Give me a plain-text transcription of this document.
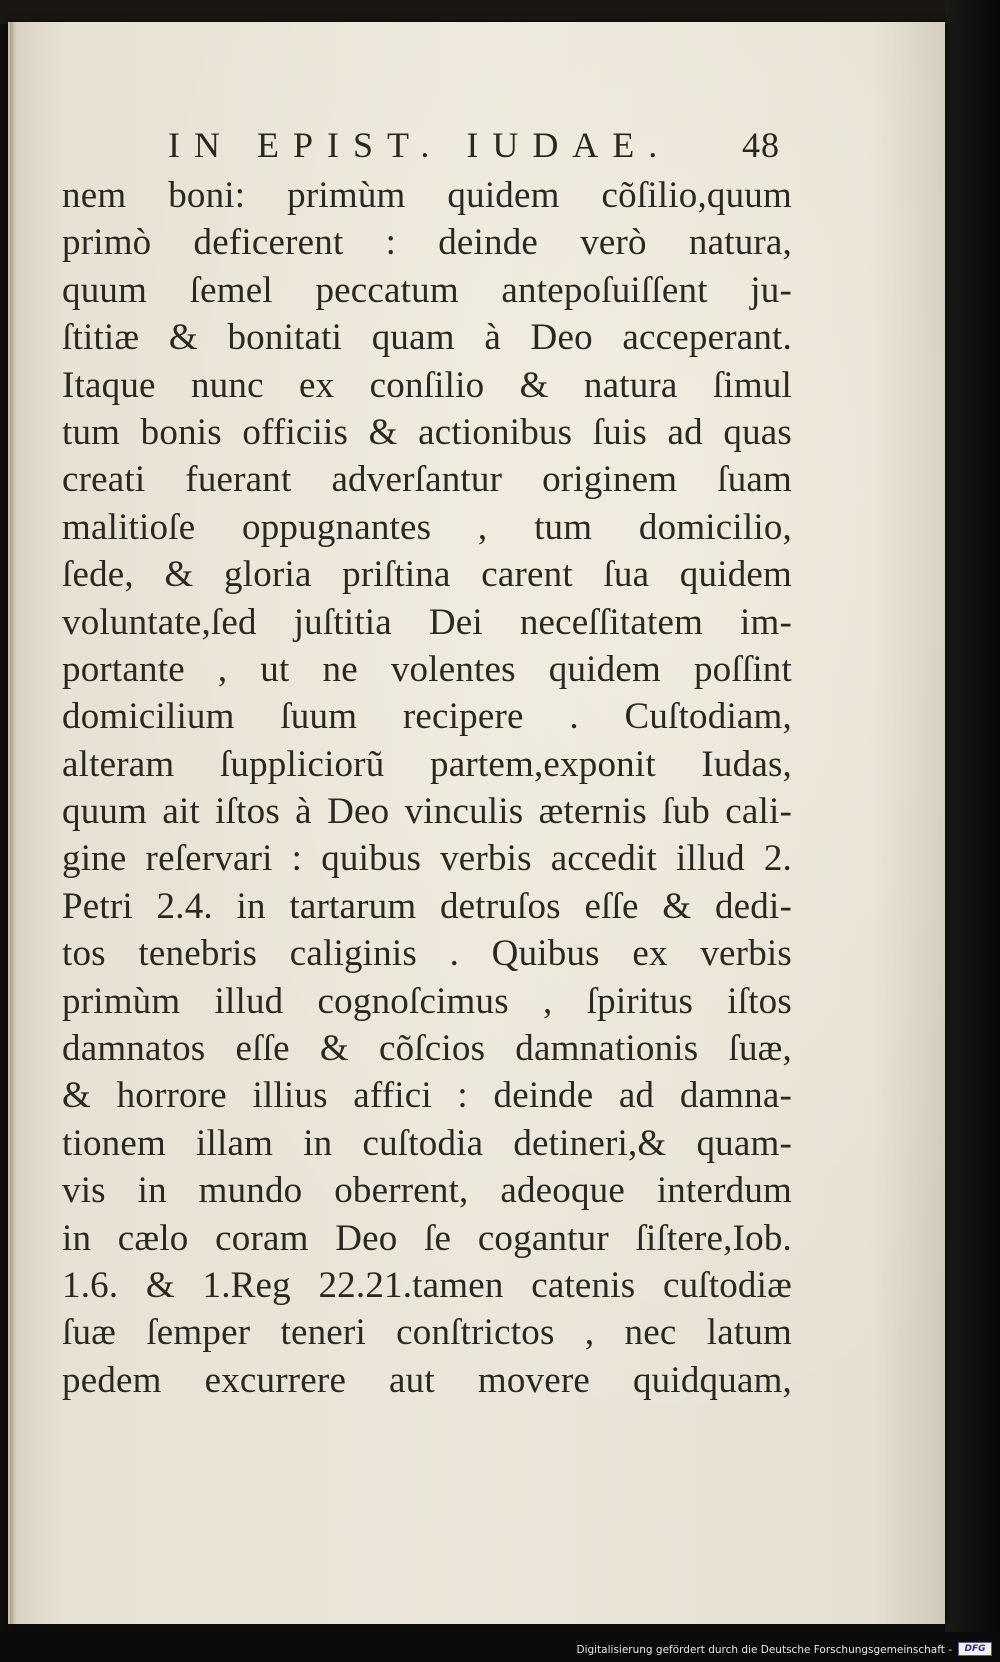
IN EPIST. IUDAE. 48
nem boni: primùm quidem cõſilio,quum
primò deficerent : deinde verò natura,
quum ſemel peccatum antepoſuiſſent ju-
ſtitiæ & bonitati quam à Deo acceperant.
Itaque nunc ex conſilio & natura ſimul
tum bonis officiis & actionibus ſuis ad quas
creati fuerant adverſantur originem ſuam
malitioſe oppugnantes , tum domicilio,
ſede, & gloria priſtina carent ſua quidem
voluntate,ſed juſtitia Dei neceſſitatem im-
portante , ut ne volentes quidem poſſint
domicilium ſuum recipere . Cuſtodiam,
alteram ſuppliciorũ partem,exponit Iudas,
quum ait iſtos à Deo vinculis æternis ſub cali-
gine reſervari : quibus verbis accedit illud 2.
Petri 2.4. in tartarum detruſos eſſe & dedi-
tos tenebris caliginis . Quibus ex verbis
primùm illud cognoſcimus , ſpiritus iſtos
damnatos eſſe & cõſcios damnationis ſuæ,
& horrore illius affici : deinde ad damna-
tionem illam in cuſtodia detineri,& quam-
vis in mundo oberrent, adeoque interdum
in cælo coram Deo ſe cogantur ſiſtere,Iob.
1.6. & 1.Reg 22.21.tamen catenis cuſtodiæ
ſuæ ſemper teneri conſtrictos , nec latum
pedem excurrere aut movere quidquam,
Digitalisierung gefördert durch die Deutsche Forschungsgemeinschaft -	DFG
